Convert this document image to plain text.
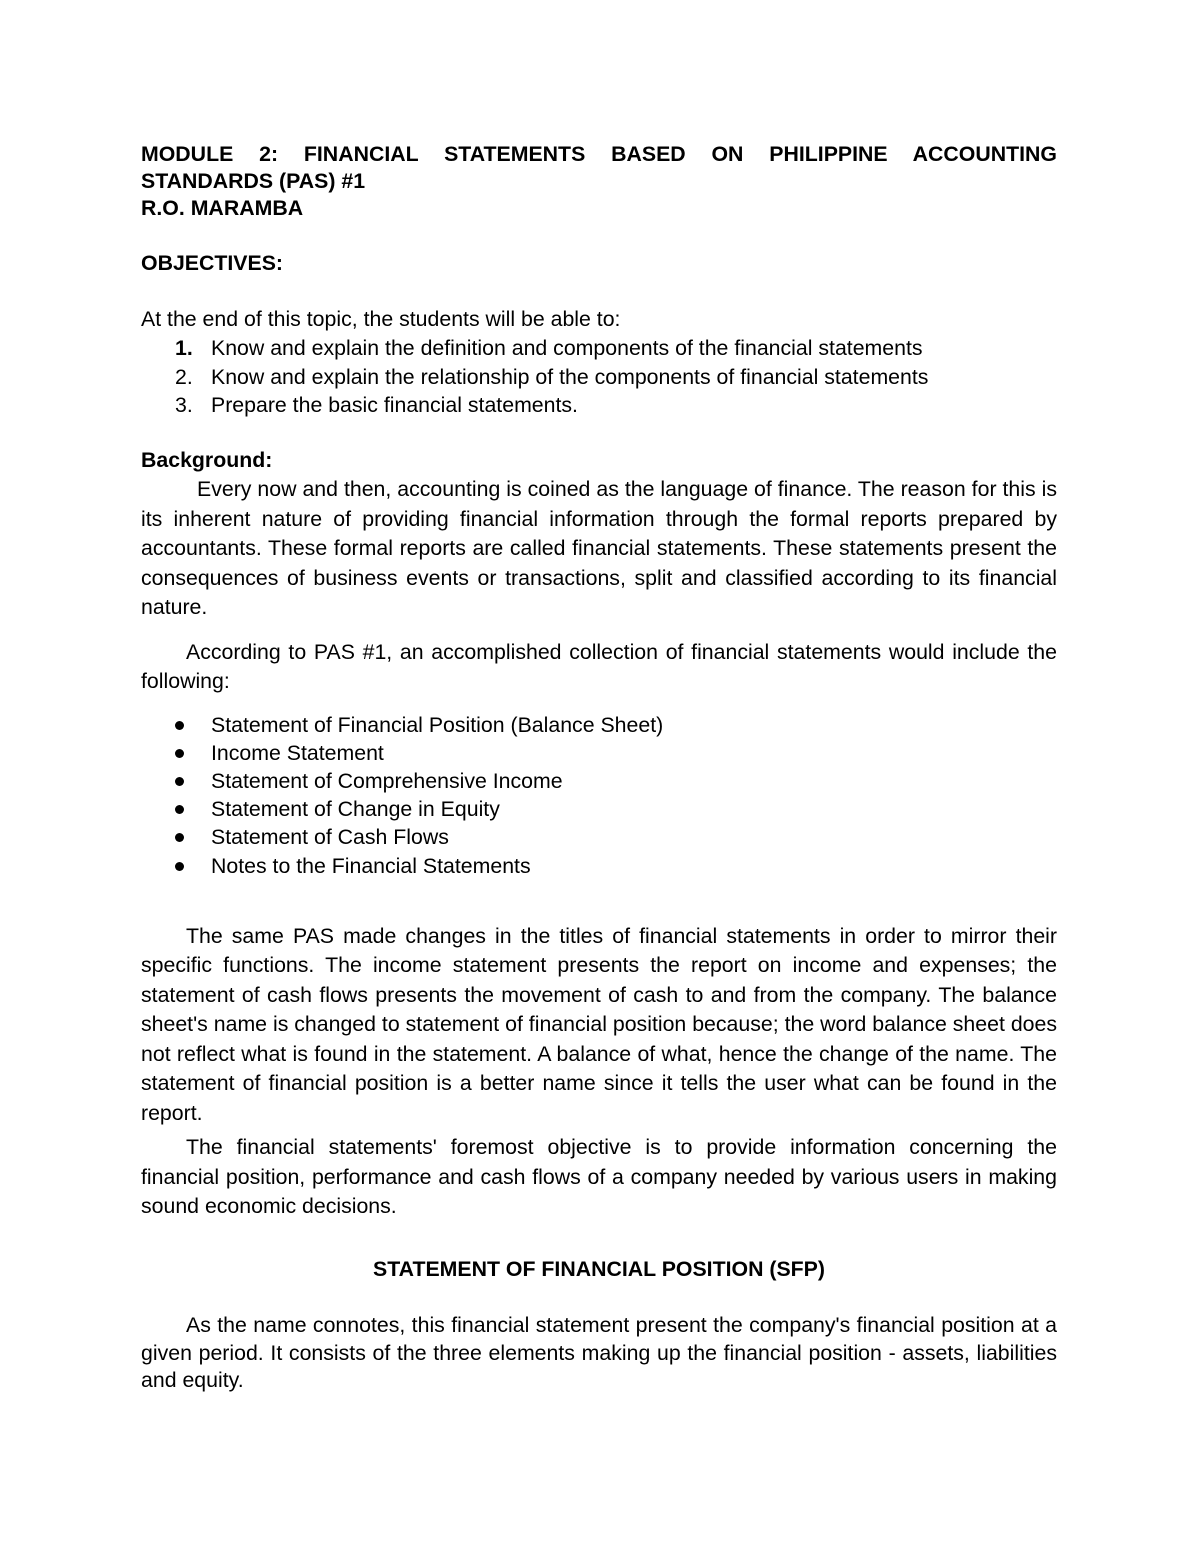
MODULE 2: FINANCIAL STATEMENTS BASED ON PHILIPPINE ACCOUNTING
STANDARDS (PAS) #1
R.O. MARAMBA
OBJECTIVES:
At the end of this topic, the students will be able to:
1. Know and explain the definition and components of the financial statements
2. Know and explain the relationship of the components of financial statements
3. Prepare the basic financial statements.
Background:

Every now and then, accounting is coined as the language of finance. The reason for this is its inherent nature of providing financial information through the formal reports prepared by accountants. These formal reports are called financial statements. These statements present the consequences of business events or transactions, split and classified according to its financial nature.

According to PAS #1, an accomplished collection of financial statements would include the following:

Statement of Financial Position (Balance Sheet)
Income Statement
Statement of Comprehensive Income
Statement of Change in Equity
Statement of Cash Flows
Notes to the Financial Statements

The same PAS made changes in the titles of financial statements in order to mirror their specific functions. The income statement presents the report on income and expenses; the statement of cash flows presents the movement of cash to and from the company. The balance sheet's name is changed to statement of financial position because; the word balance sheet does not reflect what is found in the statement. A balance of what, hence the change of the name. The statement of financial position is a better name since it tells the user what can be found in the report.

The financial statements' foremost objective is to provide information concerning the financial position, performance and cash flows of a company needed by various users in making sound economic decisions.

STATEMENT OF FINANCIAL POSITION (SFP)

As the name connotes, this financial statement present the company's financial position at a given period. It consists of the three elements making up the financial position - assets, liabilities and equity.
